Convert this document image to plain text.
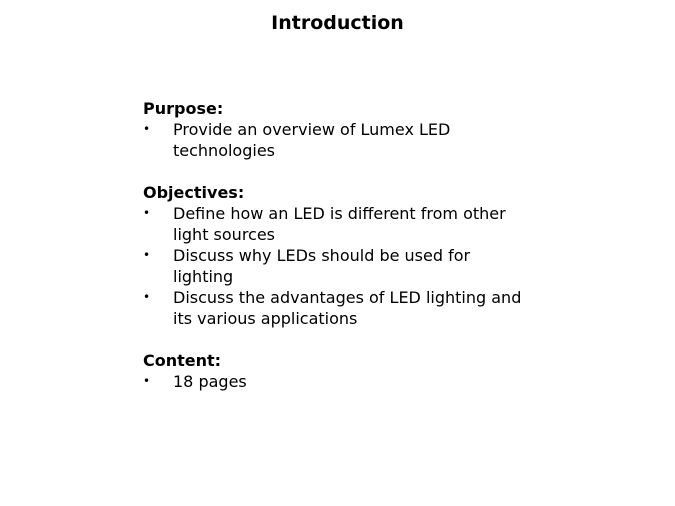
Introduction
Purpose:
• Provide an overview of Lumex LED technologies
Objectives:
• Define how an LED is different from other light sources
• Discuss why LEDs should be used for lighting
• Discuss the advantages of LED lighting and its various applications
Content:
• 18 pages
